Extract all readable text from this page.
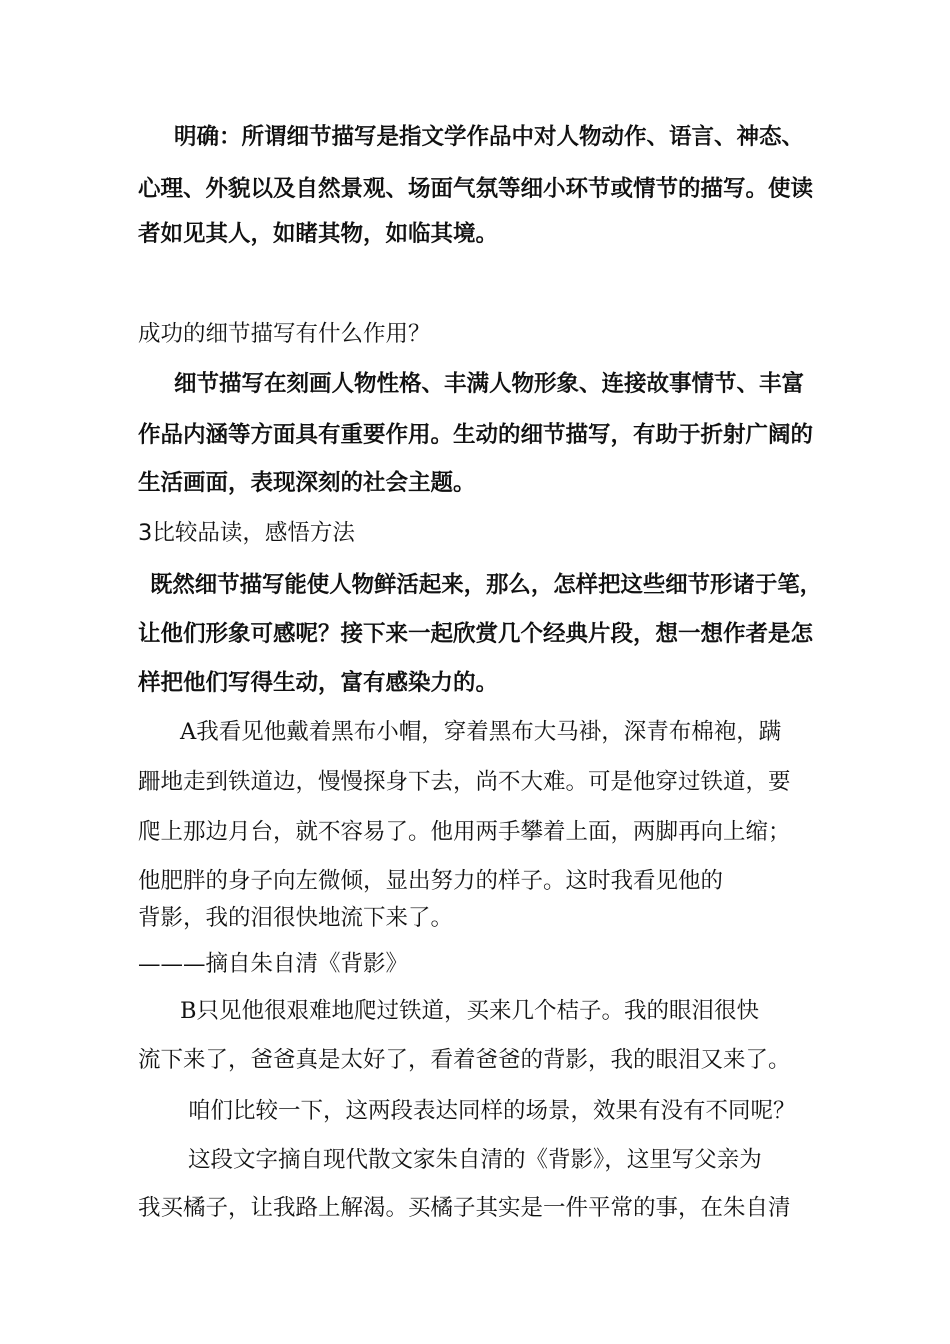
明确：所谓细节描写是指文学作品中对人物动作、语言、神态、
心理、外貌以及自然景观、场面气氛等细小环节或情节的描写。使读
者如见其人，如睹其物，如临其境。
成功的细节描写有什么作用？
细节描写在刻画人物性格、丰满人物形象、连接故事情节、丰富
作品内涵等方面具有重要作用。生动的细节描写，有助于折射广阔的
生活画面，表现深刻的社会主题。
3比较品读，感悟方法
既然细节描写能使人物鲜活起来，那么，怎样把这些细节形诸于笔，
让他们形象可感呢？接下来一起欣赏几个经典片段，想一想作者是怎
样把他们写得生动，富有感染力的。
A我看见他戴着黑布小帽，穿着黑布大马褂，深青布棉袍，蹒
跚地走到铁道边，慢慢探身下去，尚不大难。可是他穿过铁道，要
爬上那边月台，就不容易了。他用两手攀着上面，两脚再向上缩；
他肥胖的身子向左微倾，显出努力的样子。这时我看见他的
背影，我的泪很快地流下来了。
———摘自朱自清《背影》
B只见他很艰难地爬过铁道，买来几个桔子。我的眼泪很快
流下来了，爸爸真是太好了，看着爸爸的背影，我的眼泪又来了。
咱们比较一下，这两段表达同样的场景，效果有没有不同呢？
这段文字摘自现代散文家朱自清的《背影》，这里写父亲为
我买橘子，让我路上解渴。买橘子其实是一件平常的事，在朱自清
